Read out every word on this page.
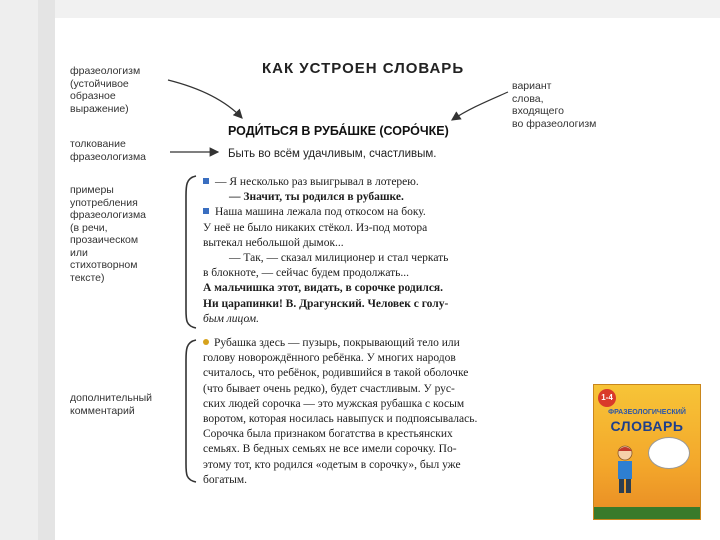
КАК УСТРОЕН СЛОВАРЬ
фразеологизм
(устойчивое
образное
выражение)
вариант
слова,
входящего
во фразеологизм
толкование
фразеологизма
примеры
употребления
фразеологизма
(в речи,
прозаическом
или
стихотворном
тексте)
дополнительный
комментарий
РОДИ́ТЬСЯ В РУБА́ШКЕ (СОРО́ЧКЕ)
Быть во всём удачливым, счастливым.
— Я несколько раз выигрывал в лотерею.
— Значит, ты родился в рубашке.
Наша машина лежала под откосом на боку.
У неё не было никаких стёкол. Из-под мотора
вытекал небольшой дымок...
— Так, — сказал милиционер и стал черкать
в блокноте, — сейчас будем продолжать...
А мальчишка этот, видать, в сорочке родился.
Ни царапинки! В. Драгунский. Человек с голу-
бым лицом.
Рубашка здесь — пузырь, покрывающий тело или
голову новорождённого ребёнка. У многих народов
считалось, что ребёнок, родившийся в такой оболочке
(что бывает очень редко), будет счастливым. У рус-
ских людей сорочка — это мужская рубашка с косым
воротом, которая носилась навыпуск и подпоясывалась.
Сорочка была признаком богатства в крестьянских
семьях. В бедных семьях не все имели сорочку. По-
этому тот, кто родился «одетым в сорочку», был уже
богатым.
1-4
ФРАЗЕОЛОГИЧЕСКИЙ
СЛОВАРЬ
